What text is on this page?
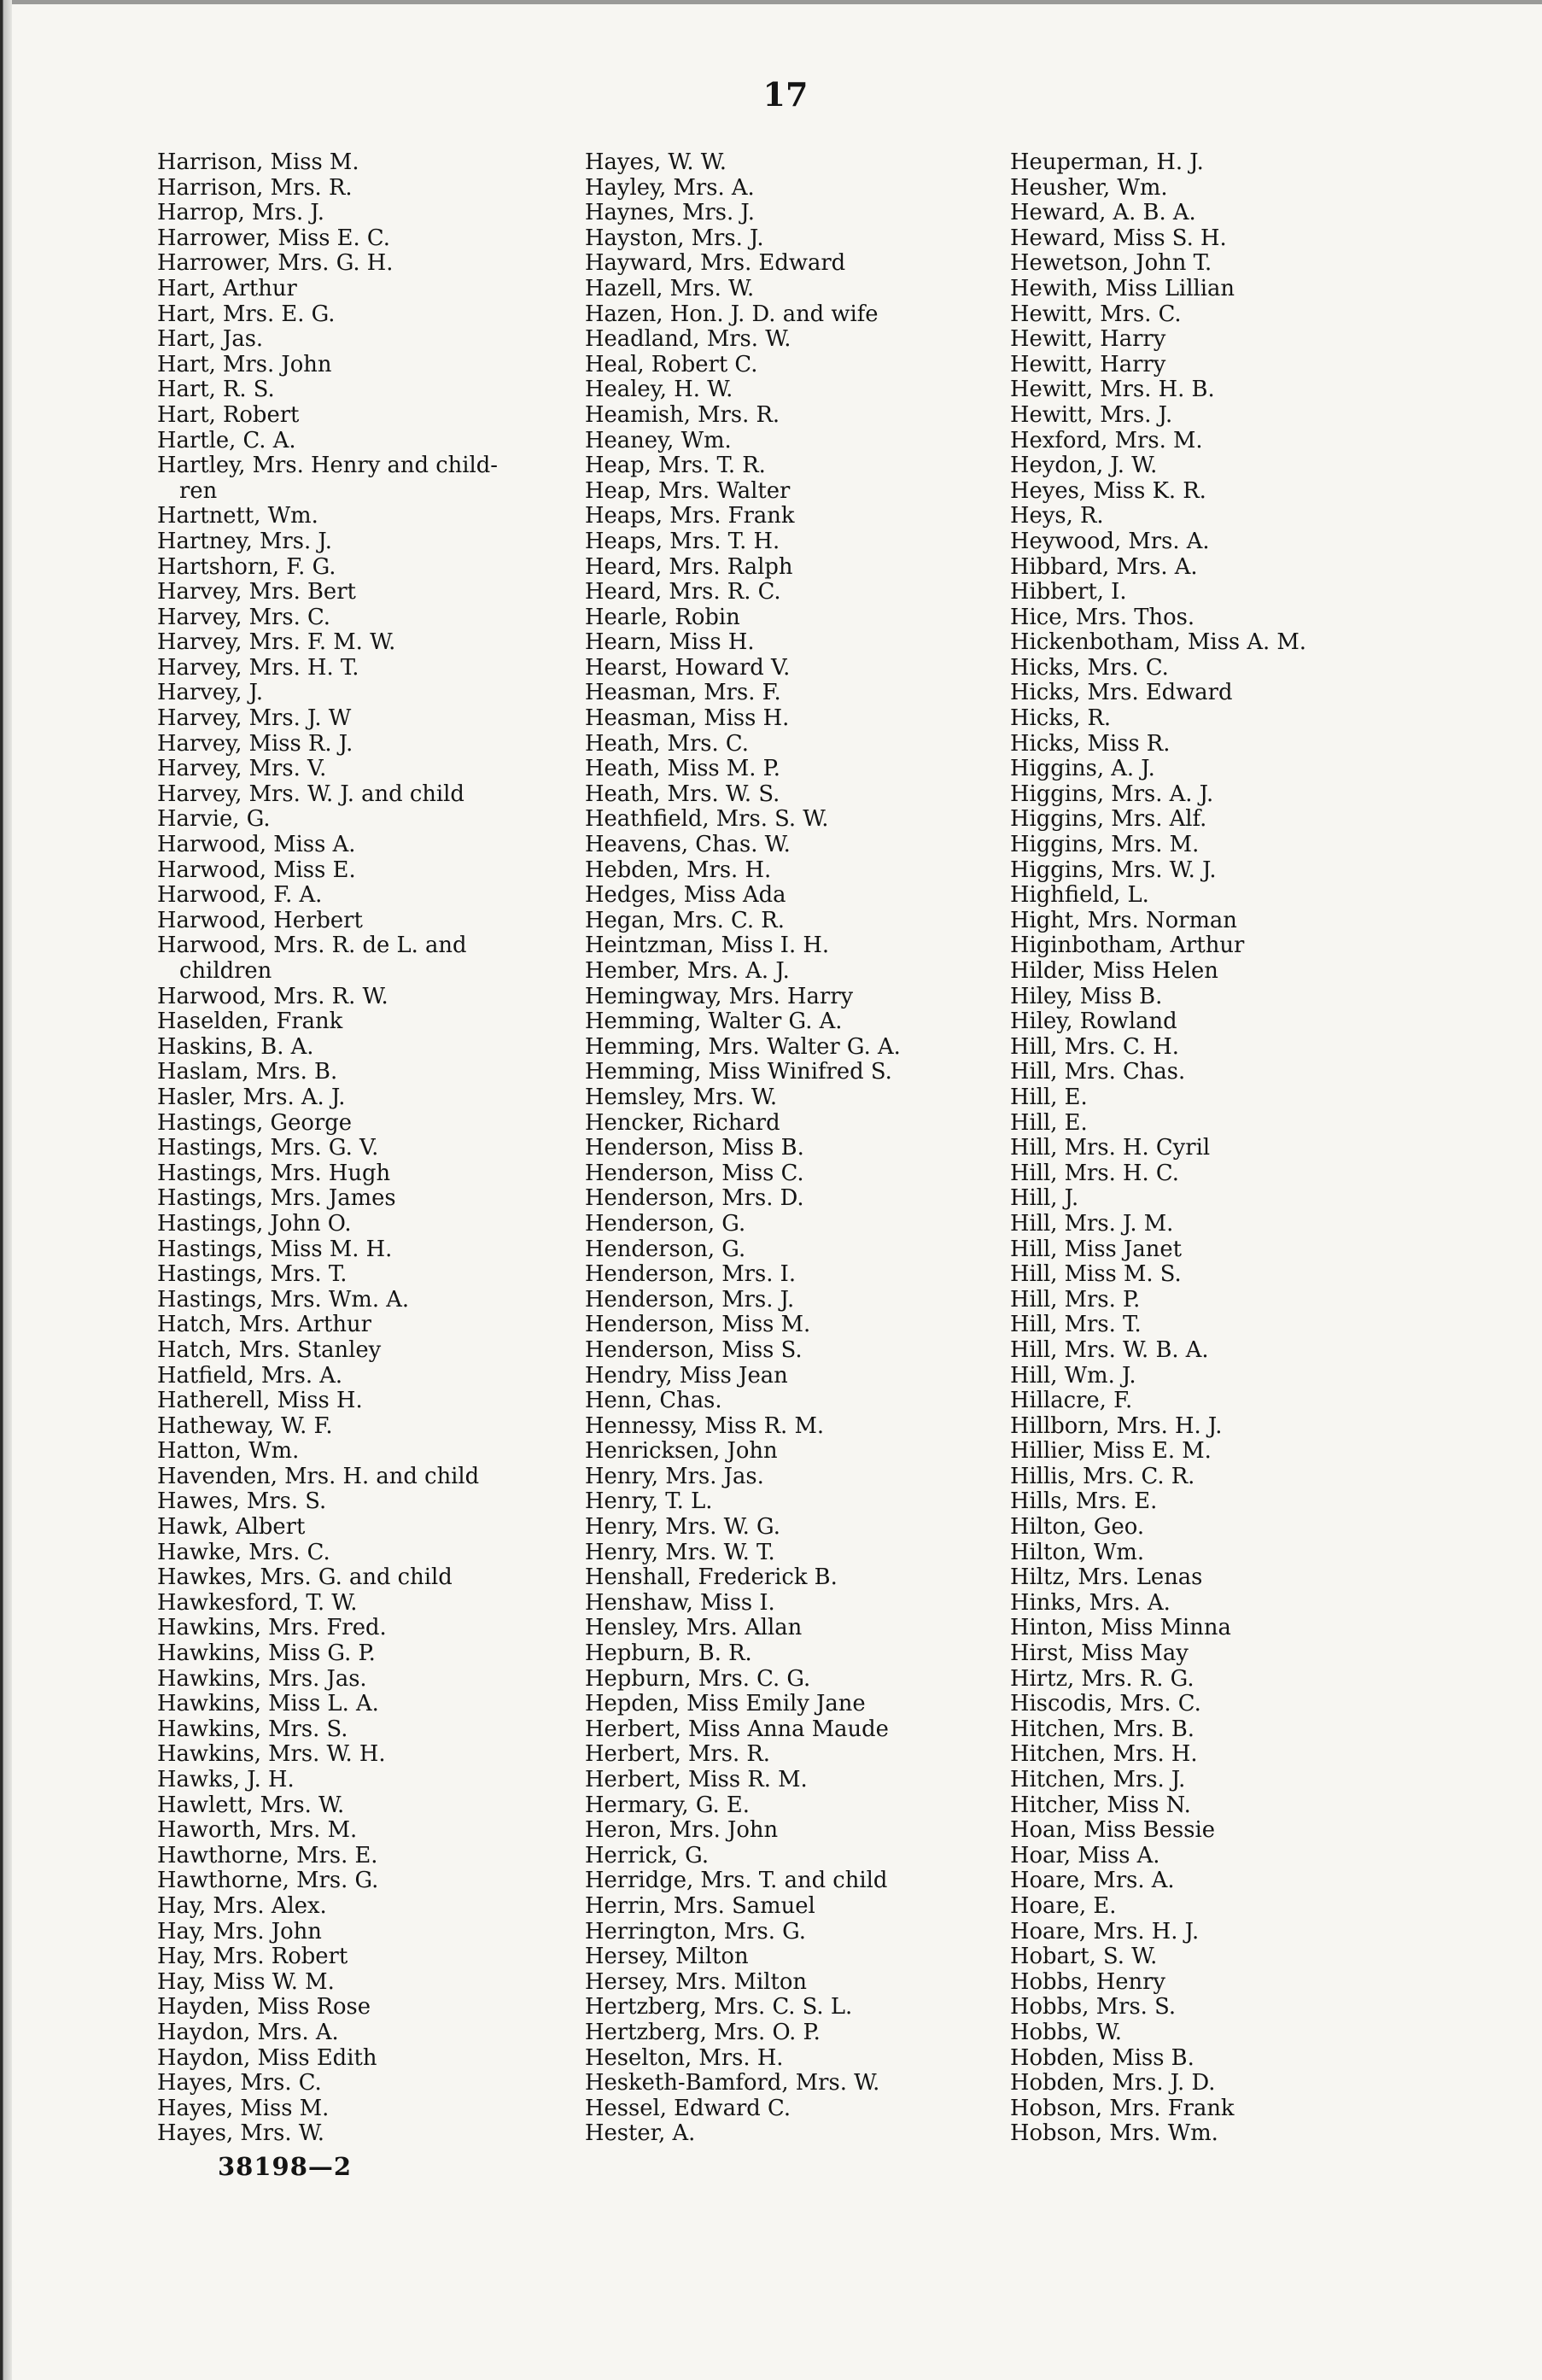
17
Harrison, Miss M.
Harrison, Mrs. R.
Harrop, Mrs. J.
Harrower, Miss E. C.
Harrower, Mrs. G. H.
Hart, Arthur
Hart, Mrs. E. G.
Hart, Jas.
Hart, Mrs. John
Hart, R. S.
Hart, Robert
Hartle, C. A.
Hartley, Mrs. Henry and child-
ren
Hartnett, Wm.
Hartney, Mrs. J.
Hartshorn, F. G.
Harvey, Mrs. Bert
Harvey, Mrs. C.
Harvey, Mrs. F. M. W.
Harvey, Mrs. H. T.
Harvey, J.
Harvey, Mrs. J. W
Harvey, Miss R. J.
Harvey, Mrs. V.
Harvey, Mrs. W. J. and child
Harvie, G.
Harwood, Miss A.
Harwood, Miss E.
Harwood, F. A.
Harwood, Herbert
Harwood, Mrs. R. de L. and
children
Harwood, Mrs. R. W.
Haselden, Frank
Haskins, B. A.
Haslam, Mrs. B.
Hasler, Mrs. A. J.
Hastings, George
Hastings, Mrs. G. V.
Hastings, Mrs. Hugh
Hastings, Mrs. James
Hastings, John O.
Hastings, Miss M. H.
Hastings, Mrs. T.
Hastings, Mrs. Wm. A.
Hatch, Mrs. Arthur
Hatch, Mrs. Stanley
Hatfield, Mrs. A.
Hatherell, Miss H.
Hatheway, W. F.
Hatton, Wm.
Havenden, Mrs. H. and child
Hawes, Mrs. S.
Hawk, Albert
Hawke, Mrs. C.
Hawkes, Mrs. G. and child
Hawkesford, T. W.
Hawkins, Mrs. Fred.
Hawkins, Miss G. P.
Hawkins, Mrs. Jas.
Hawkins, Miss L. A.
Hawkins, Mrs. S.
Hawkins, Mrs. W. H.
Hawks, J. H.
Hawlett, Mrs. W.
Haworth, Mrs. M.
Hawthorne, Mrs. E.
Hawthorne, Mrs. G.
Hay, Mrs. Alex.
Hay, Mrs. John
Hay, Mrs. Robert
Hay, Miss W. M.
Hayden, Miss Rose
Haydon, Mrs. A.
Haydon, Miss Edith
Hayes, Mrs. C.
Hayes, Miss M.
Hayes, Mrs. W.
Hayes, W. W.
Hayley, Mrs. A.
Haynes, Mrs. J.
Hayston, Mrs. J.
Hayward, Mrs. Edward
Hazell, Mrs. W.
Hazen, Hon. J. D. and wife
Headland, Mrs. W.
Heal, Robert C.
Healey, H. W.
Heamish, Mrs. R.
Heaney, Wm.
Heap, Mrs. T. R.
Heap, Mrs. Walter
Heaps, Mrs. Frank
Heaps, Mrs. T. H.
Heard, Mrs. Ralph
Heard, Mrs. R. C.
Hearle, Robin
Hearn, Miss H.
Hearst, Howard V.
Heasman, Mrs. F.
Heasman, Miss H.
Heath, Mrs. C.
Heath, Miss M. P.
Heath, Mrs. W. S.
Heathfield, Mrs. S. W.
Heavens, Chas. W.
Hebden, Mrs. H.
Hedges, Miss Ada
Hegan, Mrs. C. R.
Heintzman, Miss I. H.
Hember, Mrs. A. J.
Hemingway, Mrs. Harry
Hemming, Walter G. A.
Hemming, Mrs. Walter G. A.
Hemming, Miss Winifred S.
Hemsley, Mrs. W.
Hencker, Richard
Henderson, Miss B.
Henderson, Miss C.
Henderson, Mrs. D.
Henderson, G.
Henderson, G.
Henderson, Mrs. I.
Henderson, Mrs. J.
Henderson, Miss M.
Henderson, Miss S.
Hendry, Miss Jean
Henn, Chas.
Hennessy, Miss R. M.
Henricksen, John
Henry, Mrs. Jas.
Henry, T. L.
Henry, Mrs. W. G.
Henry, Mrs. W. T.
Henshall, Frederick B.
Henshaw, Miss I.
Hensley, Mrs. Allan
Hepburn, B. R.
Hepburn, Mrs. C. G.
Hepden, Miss Emily Jane
Herbert, Miss Anna Maude
Herbert, Mrs. R.
Herbert, Miss R. M.
Hermary, G. E.
Heron, Mrs. John
Herrick, G.
Herridge, Mrs. T. and child
Herrin, Mrs. Samuel
Herrington, Mrs. G.
Hersey, Milton
Hersey, Mrs. Milton
Hertzberg, Mrs. C. S. L.
Hertzberg, Mrs. O. P.
Heselton, Mrs. H.
Hesketh-Bamford, Mrs. W.
Hessel, Edward C.
Hester, A.
Heuperman, H. J.
Heusher, Wm.
Heward, A. B. A.
Heward, Miss S. H.
Hewetson, John T.
Hewith, Miss Lillian
Hewitt, Mrs. C.
Hewitt, Harry
Hewitt, Harry
Hewitt, Mrs. H. B.
Hewitt, Mrs. J.
Hexford, Mrs. M.
Heydon, J. W.
Heyes, Miss K. R.
Heys, R.
Heywood, Mrs. A.
Hibbard, Mrs. A.
Hibbert, I.
Hice, Mrs. Thos.
Hickenbotham, Miss A. M.
Hicks, Mrs. C.
Hicks, Mrs. Edward
Hicks, R.
Hicks, Miss R.
Higgins, A. J.
Higgins, Mrs. A. J.
Higgins, Mrs. Alf.
Higgins, Mrs. M.
Higgins, Mrs. W. J.
Highfield, L.
Hight, Mrs. Norman
Higinbotham, Arthur
Hilder, Miss Helen
Hiley, Miss B.
Hiley, Rowland
Hill, Mrs. C. H.
Hill, Mrs. Chas.
Hill, E.
Hill, E.
Hill, Mrs. H. Cyril
Hill, Mrs. H. C.
Hill, J.
Hill, Mrs. J. M.
Hill, Miss Janet
Hill, Miss M. S.
Hill, Mrs. P.
Hill, Mrs. T.
Hill, Mrs. W. B. A.
Hill, Wm. J.
Hillacre, F.
Hillborn, Mrs. H. J.
Hillier, Miss E. M.
Hillis, Mrs. C. R.
Hills, Mrs. E.
Hilton, Geo.
Hilton, Wm.
Hiltz, Mrs. Lenas
Hinks, Mrs. A.
Hinton, Miss Minna
Hirst, Miss May
Hirtz, Mrs. R. G.
Hiscodis, Mrs. C.
Hitchen, Mrs. B.
Hitchen, Mrs. H.
Hitchen, Mrs. J.
Hitcher, Miss N.
Hoan, Miss Bessie
Hoar, Miss A.
Hoare, Mrs. A.
Hoare, E.
Hoare, Mrs. H. J.
Hobart, S. W.
Hobbs, Henry
Hobbs, Mrs. S.
Hobbs, W.
Hobden, Miss B.
Hobden, Mrs. J. D.
Hobson, Mrs. Frank
Hobson, Mrs. Wm.
38198—2
